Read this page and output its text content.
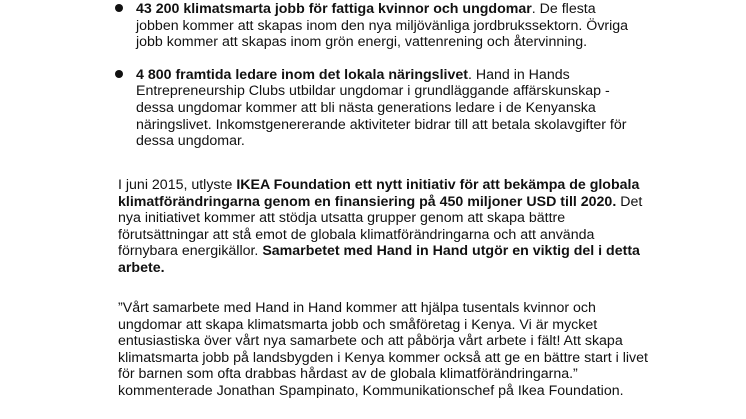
43 200 klimatsmarta jobb för fattiga kvinnor och ungdomar. De flesta
jobben kommer att skapas inom den nya miljövänliga jordbrukssektorn. Övriga
jobb kommer att skapas inom grön energi, vattenrening och återvinning.
4 800 framtida ledare inom det lokala näringslivet. Hand in Hands
Entrepreneurship Clubs utbildar ungdomar i grundläggande affärskunskap -
dessa ungdomar kommer att bli nästa generations ledare i de Kenyanska
näringslivet. Inkomstgenererande aktiviteter bidrar till att betala skolavgifter för
dessa ungdomar.
I juni 2015, utlyste IKEA Foundation ett nytt initiativ för att bekämpa de globala
klimatförändringarna genom en finansiering på 450 miljoner USD till 2020. Det
nya initiativet kommer att stödja utsatta grupper genom att skapa bättre
förutsättningar att stå emot de globala klimatförändringarna och att använda
förnybara energikällor. Samarbetet med Hand in Hand utgör en viktig del i detta
arbete.
”Vårt samarbete med Hand in Hand kommer att hjälpa tusentals kvinnor och
ungdomar att skapa klimatsmarta jobb och småföretag i Kenya. Vi är mycket
entusiastiska över vårt nya samarbete och att påbörja vårt arbete i fält! Att skapa
klimatsmarta jobb på landsbygden i Kenya kommer också att ge en bättre start i livet
för barnen som ofta drabbas hårdast av de globala klimatförändringarna.”
kommenterade Jonathan Spampinato, Kommunikationschef på Ikea Foundation.
